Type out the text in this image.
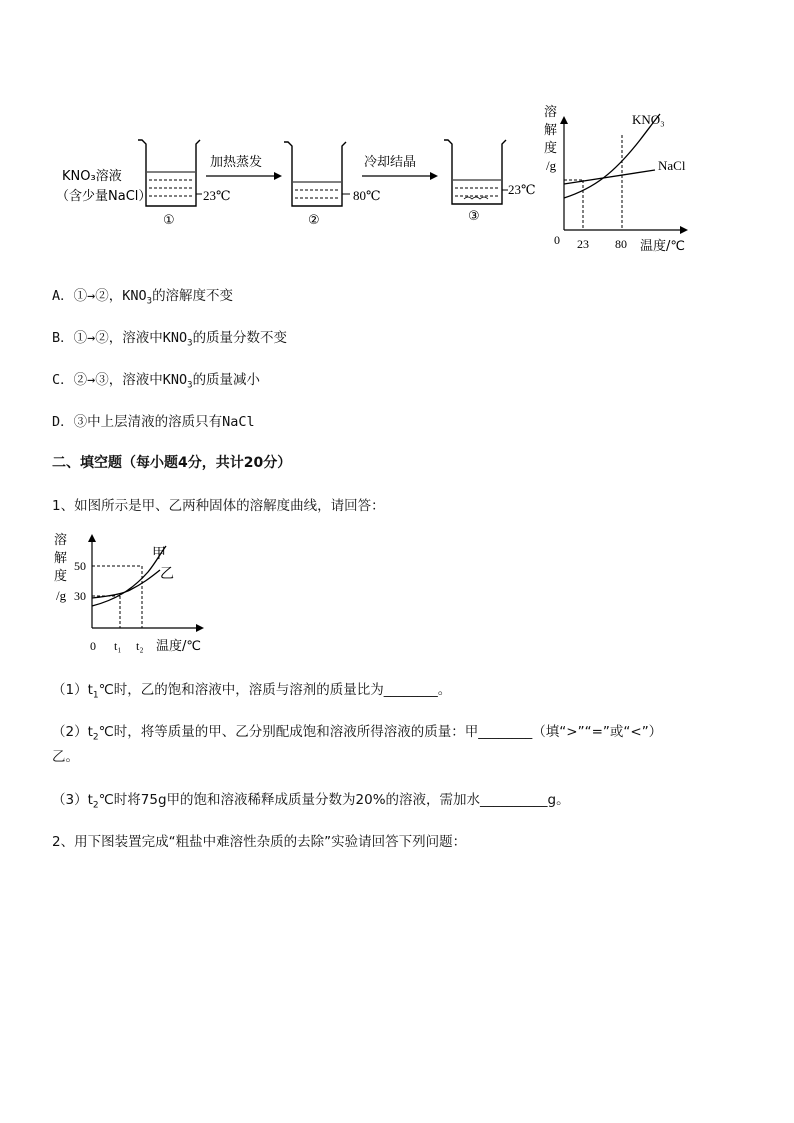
KNO₃溶液
（含少量NaCl）	23℃
①
加热蒸发
80℃
②
冷却结晶
23℃
③
溶
解
度
/g
0 23 80 温度/℃
KNO₃
NaCl
A．①→②，$KNO_3$的溶解度不变
B．①→②，溶液中$KNO_3$的质量分数不变
C．②→③，溶液中$KNO_3$的质量减小
D．③中上层清液的溶质只有NaCl
二、填空题（每小题4分，共计20分）
1、如图所示是甲、乙两种固体的溶解度曲线，请回答：
溶
解
度
/g
50
30
0 t₁ t₂ 温度/℃
甲
乙
$(1)t_1℃$时，乙的饱和溶液中，溶质与溶剂的质量比为________。
$(2)t_2℃$时，将等质量的甲、乙分别配成饱和溶液所得溶液的质量：甲________（填“>”“=”或“<”）
乙。
$(3)t_2℃$时将75g甲的饱和溶液稀释成质量分数为20%的溶液，需加水__________g。
2、用下图装置完成“粗盐中难溶性杂质的去除”实验请回答下列问题：
